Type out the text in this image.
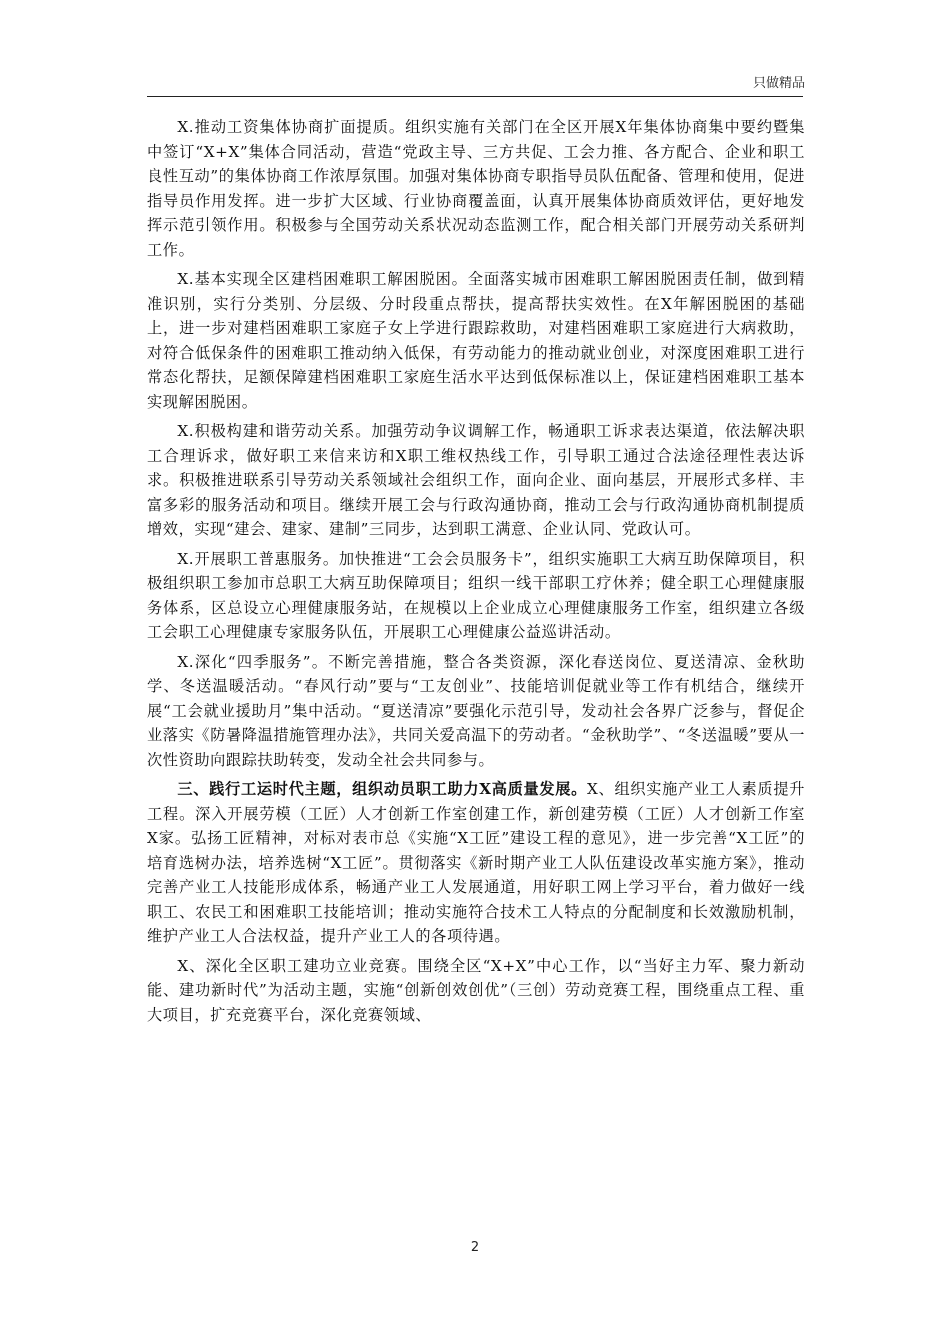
只做精品

X.推动工资集体协商扩面提质。组织实施有关部门在全区开展X年集体协商集中要约暨集中签订“X+X”集体合同活动，营造“党政主导、三方共促、工会力推、各方配合、企业和职工良性互动”的集体协商工作浓厚氛围。加强对集体协商专职指导员队伍配备、管理和使用，促进指导员作用发挥。进一步扩大区域、行业协商覆盖面，认真开展集体协商质效评估，更好地发挥示范引领作用。积极参与全国劳动关系状况动态监测工作，配合相关部门开展劳动关系研判工作。

X.基本实现全区建档困难职工解困脱困。全面落实城市困难职工解困脱困责任制，做到精准识别，实行分类别、分层级、分时段重点帮扶，提高帮扶实效性。在X年解困脱困的基础上，进一步对建档困难职工家庭子女上学进行跟踪救助，对建档困难职工家庭进行大病救助，对符合低保条件的困难职工推动纳入低保，有劳动能力的推动就业创业，对深度困难职工进行常态化帮扶，足额保障建档困难职工家庭生活水平达到低保标准以上，保证建档困难职工基本实现解困脱困。

X.积极构建和谐劳动关系。加强劳动争议调解工作，畅通职工诉求表达渠道，依法解决职工合理诉求，做好职工来信来访和X职工维权热线工作，引导职工通过合法途径理性表达诉求。积极推进联系引导劳动关系领域社会组织工作，面向企业、面向基层，开展形式多样、丰富多彩的服务活动和项目。继续开展工会与行政沟通协商，推动工会与行政沟通协商机制提质增效，实现“建会、建家、建制”三同步，达到职工满意、企业认同、党政认可。

X.开展职工普惠服务。加快推进“工会会员服务卡”，组织实施职工大病互助保障项目，积极组织职工参加市总职工大病互助保障项目；组织一线干部职工疗休养；健全职工心理健康服务体系，区总设立心理健康服务站，在规模以上企业成立心理健康服务工作室，组织建立各级工会职工心理健康专家服务队伍，开展职工心理健康公益巡讲活动。

X.深化“四季服务”。不断完善措施，整合各类资源，深化春送岗位、夏送清凉、金秋助学、冬送温暖活动。“春风行动”要与“工友创业”、技能培训促就业等工作有机结合，继续开展“工会就业援助月”集中活动。“夏送清凉”要强化示范引导，发动社会各界广泛参与，督促企业落实《防暑降温措施管理办法》，共同关爱高温下的劳动者。“金秋助学”、“冬送温暖”要从一次性资助向跟踪扶助转变，发动全社会共同参与。

三、践行工运时代主题，组织动员职工助力X高质量发展。X、组织实施产业工人素质提升工程。深入开展劳模（工匠）人才创新工作室创建工作，新创建劳模（工匠）人才创新工作室X家。弘扬工匠精神，对标对表市总《实施“X工匠”建设工程的意见》，进一步完善“X工匠”的培育选树办法，培养选树“X工匠”。贯彻落实《新时期产业工人队伍建设改革实施方案》，推动完善产业工人技能形成体系，畅通产业工人发展通道，用好职工网上学习平台，着力做好一线职工、农民工和困难职工技能培训；推动实施符合技术工人特点的分配制度和长效激励机制，维护产业工人合法权益，提升产业工人的各项待遇。

X、深化全区职工建功立业竞赛。围绕全区“X+X”中心工作，以“当好主力军、聚力新动能、建功新时代”为活动主题，实施“创新创效创优”（三创）劳动竞赛工程，围绕重点工程、重大项目，扩充竞赛平台，深化竞赛领域、

2
